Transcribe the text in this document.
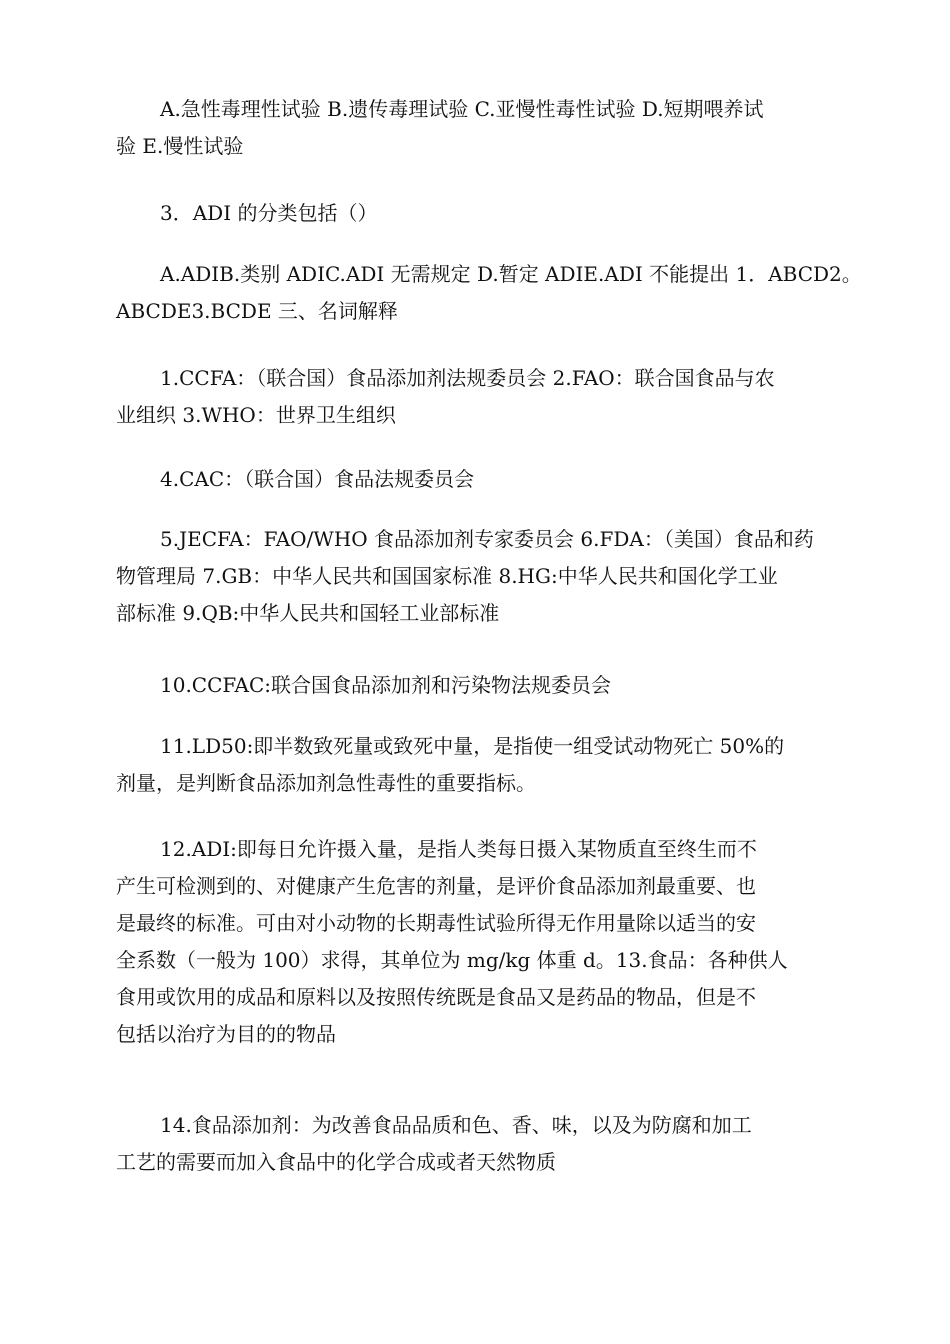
A.急性毒理性试验 B.遗传毒理试验 C.亚慢性毒性试验 D.短期喂养试
验 E.慢性试验

3．ADI 的分类包括（）

A.ADIB.类别 ADIC.ADI 无需规定 D.暂定 ADIE.ADI 不能提出 1．ABCD2。
ABCDE3.BCDE 三、名词解释

1.CCFA：（联合国）食品添加剂法规委员会 2.FAO：联合国食品与农
业组织 3.WHO：世界卫生组织

4.CAC：（联合国）食品法规委员会

5.JECFA：FAO/WHO 食品添加剂专家委员会 6.FDA：（美国）食品和药
物管理局 7.GB：中华人民共和国国家标准 8.HG:中华人民共和国化学工业
部标准 9.QB:中华人民共和国轻工业部标准

10.CCFAC:联合国食品添加剂和污染物法规委员会

11.LD50:即半数致死量或致死中量，是指使一组受试动物死亡 50%的
剂量，是判断食品添加剂急性毒性的重要指标。

12.ADI:即每日允许摄入量，是指人类每日摄入某物质直至终生而不
产生可检测到的、对健康产生危害的剂量，是评价食品添加剂最重要、也
是最终的标准。可由对小动物的长期毒性试验所得无作用量除以适当的安
全系数（一般为 100）求得，其单位为 mg/kg 体重 d。13.食品：各种供人
食用或饮用的成品和原料以及按照传统既是食品又是药品的物品，但是不
包括以治疗为目的的物品

14.食品添加剂：为改善食品品质和色、香、味，以及为防腐和加工
工艺的需要而加入食品中的化学合成或者天然物质
